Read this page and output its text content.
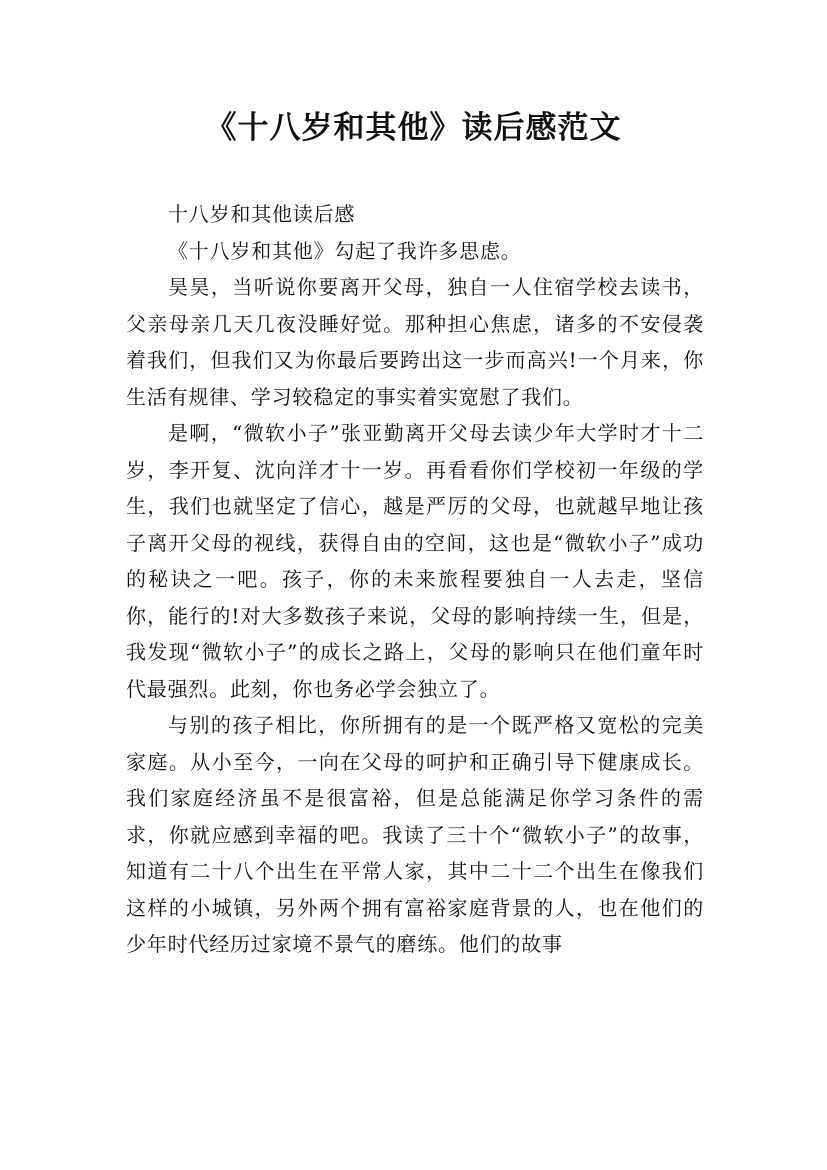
《十八岁和其他》读后感范文

十八岁和其他读后感

《十八岁和其他》勾起了我许多思虑。

昊昊，当听说你要离开父母，独自一人住宿学校去读书，父亲母亲几天几夜没睡好觉。那种担心焦虑，诸多的不安侵袭着我们，但我们又为你最后要跨出这一步而高兴!一个月来，你生活有规律、学习较稳定的事实着实宽慰了我们。

是啊，“微软小子”张亚勤离开父母去读少年大学时才十二岁，李开复、沈向洋才十一岁。再看看你们学校初一年级的学生，我们也就坚定了信心，越是严厉的父母，也就越早地让孩子离开父母的视线，获得自由的空间，这也是“微软小子”成功的秘诀之一吧。孩子，你的未来旅程要独自一人去走，坚信你，能行的!对大多数孩子来说，父母的影响持续一生，但是，我发现“微软小子”的成长之路上，父母的影响只在他们童年时代最强烈。此刻，你也务必学会独立了。

与别的孩子相比，你所拥有的是一个既严格又宽松的完美家庭。从小至今，一向在父母的呵护和正确引导下健康成长。我们家庭经济虽不是很富裕，但是总能满足你学习条件的需求，你就应感到幸福的吧。我读了三十个“微软小子”的故事，知道有二十八个出生在平常人家，其中二十二个出生在像我们这样的小城镇，另外两个拥有富裕家庭背景的人，也在他们的少年时代经历过家境不景气的磨练。他们的故事
